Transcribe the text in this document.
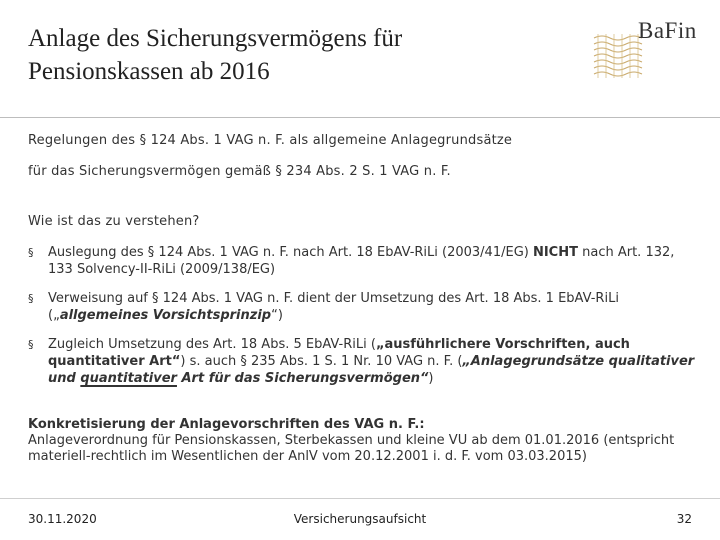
Anlage des Sicherungsvermögens für
Pensionskassen ab 2016
BaFin
Regelungen des § 124 Abs. 1 VAG n. F. als allgemeine Anlagegrundsätze
für das Sicherungsvermögen gemäß § 234 Abs. 2 S. 1 VAG n. F.
Wie ist das zu verstehen?
§ Auslegung des § 124 Abs. 1 VAG n. F. nach Art. 18 EbAV-RiLi (2003/41/EG) NICHT nach Art. 132, 133 Solvency-II-RiLi (2009/138/EG)
§ Verweisung auf § 124 Abs. 1 VAG n. F. dient der Umsetzung des Art. 18 Abs. 1 EbAV-RiLi („allgemeines Vorsichtsprinzip“)
§ Zugleich Umsetzung des Art. 18 Abs. 5 EbAV-RiLi („ausführlichere Vorschriften, auch quantitativer Art“) s. auch § 235 Abs. 1 S. 1 Nr. 10 VAG n. F. („Anlagegrundsätze qualitativer und quantitativer Art für das Sicherungsvermögen“)
Konkretisierung der Anlagevorschriften des VAG n. F.:
Anlageverordnung für Pensionskassen, Sterbekassen und kleine VU ab dem 01.01.2016 (entspricht materiell-rechtlich im Wesentlichen der AnlV vom 20.12.2001 i. d. F. vom 03.03.2015)
30.11.2020	Versicherungsaufsicht	32
